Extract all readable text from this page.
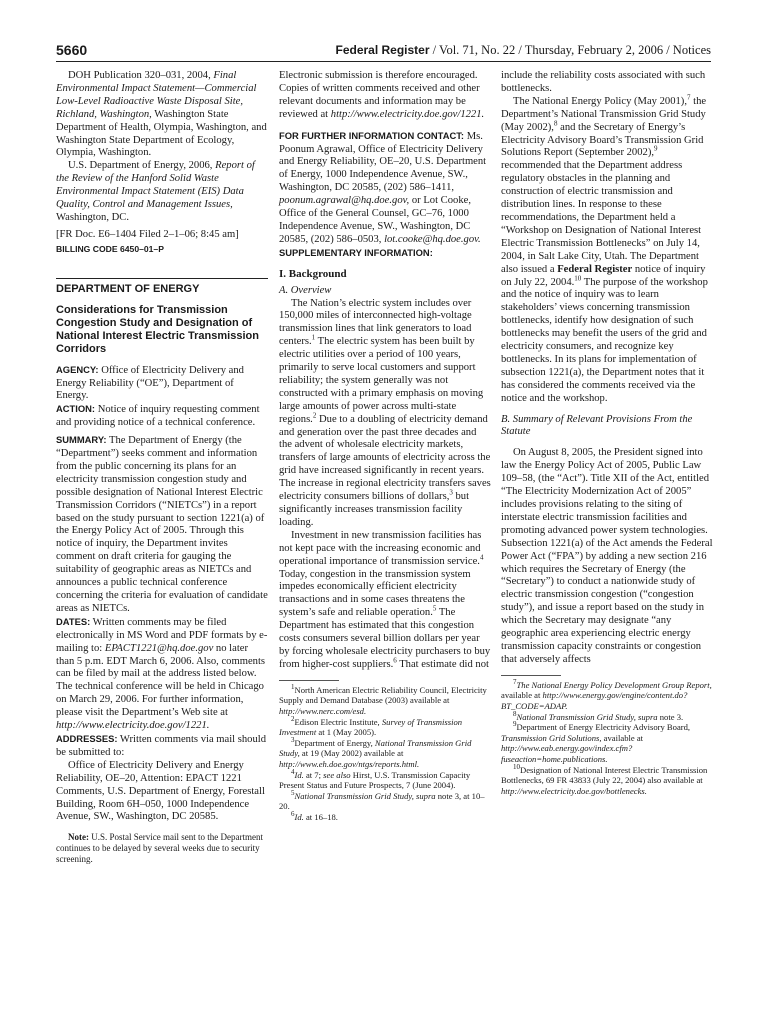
5660	Federal Register / Vol. 71, No. 22 / Thursday, February 2, 2006 / Notices

DOH Publication 320–031, 2004, Final Environmental Impact Statement—Commercial Low-Level Radioactive Waste Disposal Site, Richland, Washington, Washington State Department of Health, Olympia, Washington, and Washington State Department of Ecology, Olympia, Washington.

U.S. Department of Energy, 2006, Report of the Review of the Hanford Solid Waste Environmental Impact Statement (EIS) Data Quality, Control and Management Issues, Washington, DC.

[FR Doc. E6–1404 Filed 2–1–06; 8:45 am]

BILLING CODE 6450–01–P

DEPARTMENT OF ENERGY

Considerations for Transmission Congestion Study and Designation of National Interest Electric Transmission Corridors

AGENCY: Office of Electricity Delivery and Energy Reliability (“OE”), Department of Energy.

ACTION: Notice of inquiry requesting comment and providing notice of a technical conference.

SUMMARY: The Department of Energy (the “Department”) seeks comment and information from the public concerning its plans for an electricity transmission congestion study and possible designation of National Interest Electric Transmission Corridors (“NIETCs”) in a report based on the study pursuant to section 1221(a) of the Energy Policy Act of 2005. Through this notice of inquiry, the Department invites comment on draft criteria for gauging the suitability of geographic areas as NIETCs and announces a public technical conference concerning the criteria for evaluation of candidate areas as NIETCs.

DATES: Written comments may be filed electronically in MS Word and PDF formats by e-mailing to: EPACT1221@hq.doe.gov no later than 5 p.m. EDT March 6, 2006. Also, comments can be filed by mail at the address listed below. The technical conference will be held in Chicago on March 29, 2006. For further information, please visit the Department’s Web site at http://www.electricity.doe.gov/1221.

ADDRESSES: Written comments via mail should be submitted to:

Office of Electricity Delivery and Energy Reliability, OE–20, Attention: EPACT 1221 Comments, U.S. Department of Energy, Forestall Building, Room 6H–050, 1000 Independence Avenue, SW., Washington, DC 20585.

Note: U.S. Postal Service mail sent to the Department continues to be delayed by several weeks due to security screening.

Electronic submission is therefore encouraged. Copies of written comments received and other relevant documents and information may be reviewed at http://www.electricity.doe.gov/1221.

FOR FURTHER INFORMATION CONTACT: Ms. Poonum Agrawal, Office of Electricity Delivery and Energy Reliability, OE–20, U.S. Department of Energy, 1000 Independence Avenue, SW., Washington, DC 20585, (202) 586–1411, poonum.agrawal@hq.doe.gov, or Lot Cooke, Office of the General Counsel, GC–76, 1000 Independence Avenue, SW., Washington, DC 20585, (202) 586–0503, lot.cooke@hq.doe.gov.

SUPPLEMENTARY INFORMATION:

I. Background

A. Overview

The Nation’s electric system includes over 150,000 miles of interconnected high-voltage transmission lines that link generators to load centers.$^1$ The electric system has been built by electric utilities over a period of 100 years, primarily to serve local customers and support reliability; the system generally was not constructed with a primary emphasis on moving large amounts of power across multi-state regions.$^2$ Due to a doubling of electricity demand and generation over the past three decades and the advent of wholesale electricity markets, transfers of large amounts of electricity across the grid have increased significantly in recent years. The increase in regional electricity transfers saves electricity consumers billions of dollars,$^3$ but significantly increases transmission facility loading.

Investment in new transmission facilities has not kept pace with the increasing economic and operational importance of transmission service.$^4$ Today, congestion in the transmission system impedes economically efficient electricity transactions and in some cases threatens the system’s safe and reliable operation.$^5$ The Department has estimated that this congestion costs consumers several billion dollars per year by forcing wholesale electricity purchasers to buy from higher-cost suppliers.$^6$ That estimate did not

$^1$North American Electric Reliability Council, Electricity Supply and Demand Database (2003) available at http://www.nerc.com/esd.

$^2$Edison Electric Institute, Survey of Transmission Investment at 1 (May 2005).

$^3$Department of Energy, National Transmission Grid Study, at 19 (May 2002) available at http://www.eh.doe.gov/ntgs/reports.html.

$^4$Id. at 7; see also Hirst, U.S. Transmission Capacity Present Status and Future Prospects, 7 (June 2004).

$^5$National Transmission Grid Study, supra note 3, at 10–20.

$^6$Id. at 16–18.

include the reliability costs associated with such bottlenecks.

The National Energy Policy (May 2001),$^7$ the Department’s National Transmission Grid Study (May 2002),$^8$ and the Secretary of Energy’s Electricity Advisory Board’s Transmission Grid Solutions Report (September 2002),$^9$ recommended that the Department address regulatory obstacles in the planning and construction of electric transmission and distribution lines. In response to these recommendations, the Department held a “Workshop on Designation of National Interest Electric Transmission Bottlenecks” on July 14, 2004, in Salt Lake City, Utah. The Department also issued a Federal Register notice of inquiry on July 22, 2004.10 The purpose of the workshop and the notice of inquiry was to learn stakeholders’ views concerning transmission bottlenecks, identify how designation of such bottlenecks may benefit the users of the grid and electricity consumers, and recognize key bottlenecks. In its plans for implementation of subsection 1221(a), the Department notes that it has considered the comments received via the notice and the workshop.

B. Summary of Relevant Provisions From the Statute

On August 8, 2005, the President signed into law the Energy Policy Act of 2005, Public Law 109–58, (the “Act”). Title XII of the Act, entitled “The Electricity Modernization Act of 2005” includes provisions relating to the siting of interstate electric transmission facilities and promoting advanced power system technologies. Subsection 1221(a) of the Act amends the Federal Power Act (“FPA”) by adding a new section 216 which requires the Secretary of Energy (the “Secretary”) to conduct a nationwide study of electric transmission congestion (“congestion study”), and issue a report based on the study in which the Secretary may designate “any geographic area experiencing electric energy transmission capacity constraints or congestion that adversely affects

$^7$The National Energy Policy Development Group Report, available at http://www.energy.gov/engine/content.do?BT_CODE=ADAP.

$^8$National Transmission Grid Study, supra note 3.

$^9$Department of Energy Electricity Advisory Board, Transmission Grid Solutions, available at http://www.eab.energy.gov/index.cfm?fuseaction=home.publications.

$^{10}$Designation of National Interest Electric Transmission Bottlenecks, 69 FR 43833 (July 22, 2004) also available at http://www.electricity.doe.gov/bottlenecks.
